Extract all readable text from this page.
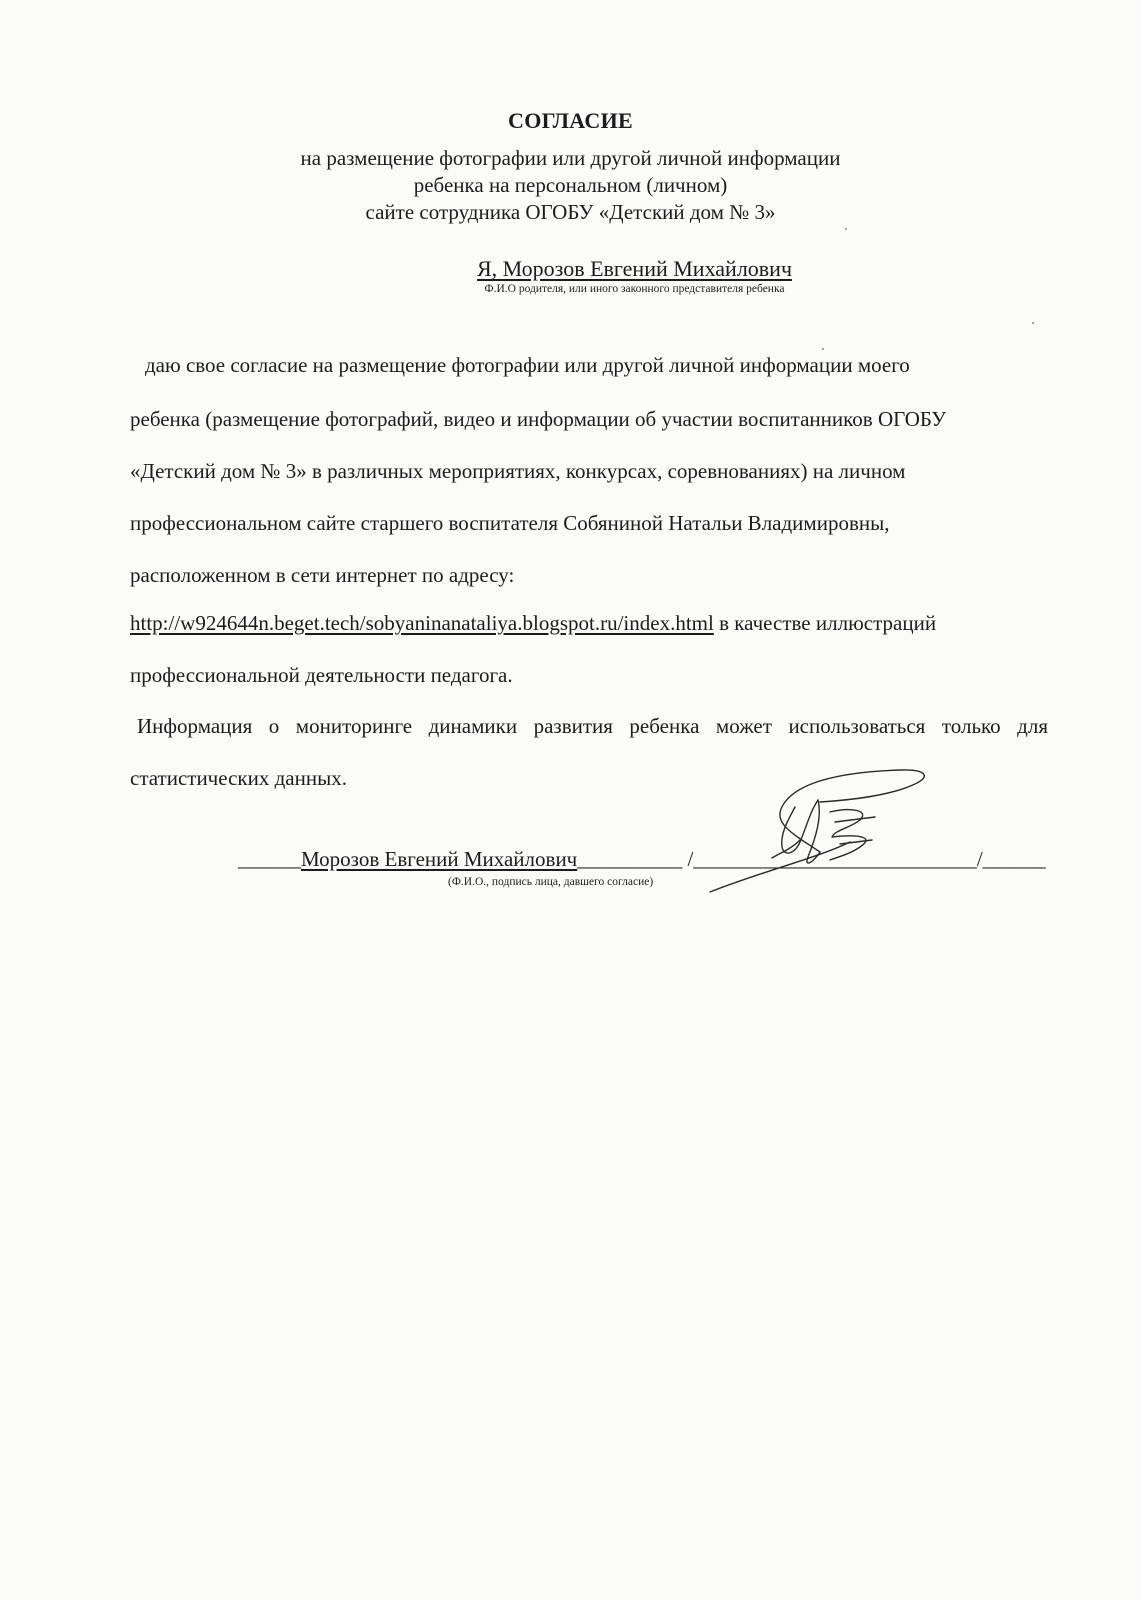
СОГЛАСИЕ
на размещение фотографии или другой личной информации
ребенка на персональном (личном)
сайте сотрудника ОГОБУ «Детский дом № 3»
Я, Морозов Евгений Михайлович
Ф.И.О родителя, или иного законного представителя ребенка
даю свое согласие на размещение фотографии или другой личной информации моего
ребенка (размещение фотографий, видео и информации об участии воспитанников ОГОБУ
«Детский дом № 3» в различных мероприятиях, конкурсах, соревнованиях) на личном
профессиональном сайте старшего воспитателя Собяниной Натальи Владимировны,
расположенном в сети интернет по адресу:
http://w924644n.beget.tech/sobyaninanataliya.blogspot.ru/index.html в качестве иллюстраций
профессиональной деятельности педагога.
Информация о мониторинге динамики развития ребенка может использоваться только для
статистических данных.
______Морозов Евгений Михайлович__________ /___________________________/______
(Ф.И.О., подпись лица, давшего согласие)
